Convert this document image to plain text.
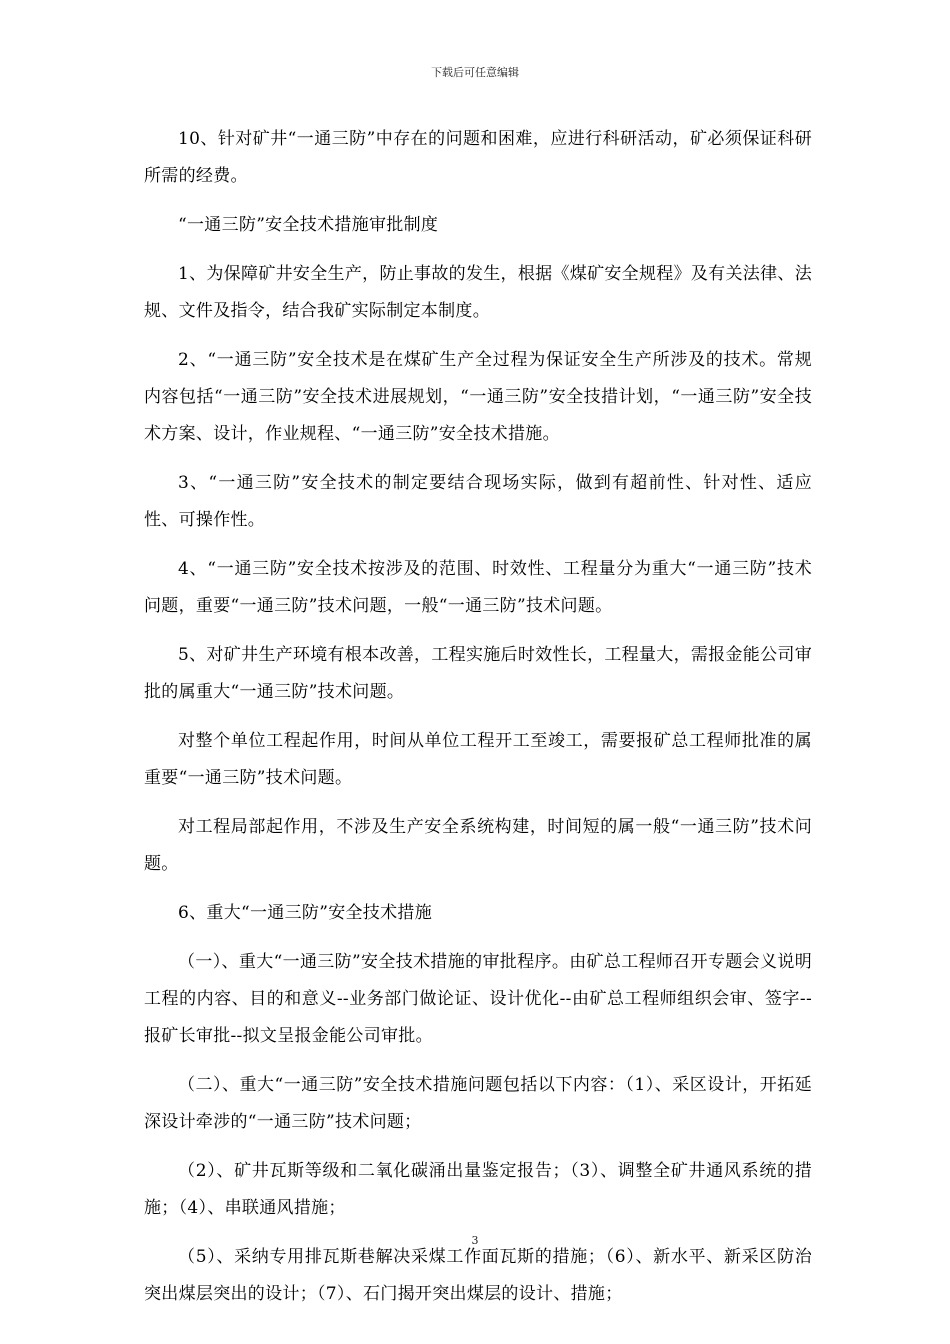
下载后可任意编辑

10、针对矿井“一通三防”中存在的问题和困难，应进行科研活动，矿必须保证科研所需的经费。

“一通三防”安全技术措施审批制度

1、为保障矿井安全生产，防止事故的发生，根据《煤矿安全规程》及有关法律、法规、文件及指令，结合我矿实际制定本制度。

2、“一通三防”安全技术是在煤矿生产全过程为保证安全生产所涉及的技术。常规内容包括“一通三防”安全技术进展规划，“一通三防”安全技措计划，“一通三防”安全技术方案、设计，作业规程、“一通三防”安全技术措施。

3、“一通三防”安全技术的制定要结合现场实际，做到有超前性、针对性、适应性、可操作性。

4、“一通三防”安全技术按涉及的范围、时效性、工程量分为重大“一通三防”技术问题，重要“一通三防”技术问题，一般“一通三防”技术问题。

5、对矿井生产环境有根本改善，工程实施后时效性长，工程量大，需报金能公司审批的属重大“一通三防”技术问题。

对整个单位工程起作用，时间从单位工程开工至竣工，需要报矿总工程师批准的属重要“一通三防”技术问题。

对工程局部起作用，不涉及生产安全系统构建，时间短的属一般“一通三防”技术问题。

6、重大“一通三防”安全技术措施

（一）、重大“一通三防”安全技术措施的审批程序。由矿总工程师召开专题会义说明工程的内容、目的和意义--业务部门做论证、设计优化--由矿总工程师组织会审、签字--报矿长审批--拟文呈报金能公司审批。

（二）、重大“一通三防”安全技术措施问题包括以下内容：（1）、采区设计，开拓延深设计牵涉的“一通三防”技术问题；

（2）、矿井瓦斯等级和二氧化碳涌出量鉴定报告；（3）、调整全矿井通风系统的措施；（4）、串联通风措施；

（5）、采纳专用排瓦斯巷解决采煤工作面瓦斯的措施；（6）、新水平、新采区防治突出煤层突出的设计；（7）、石门揭开突出煤层的设计、措施；

3
